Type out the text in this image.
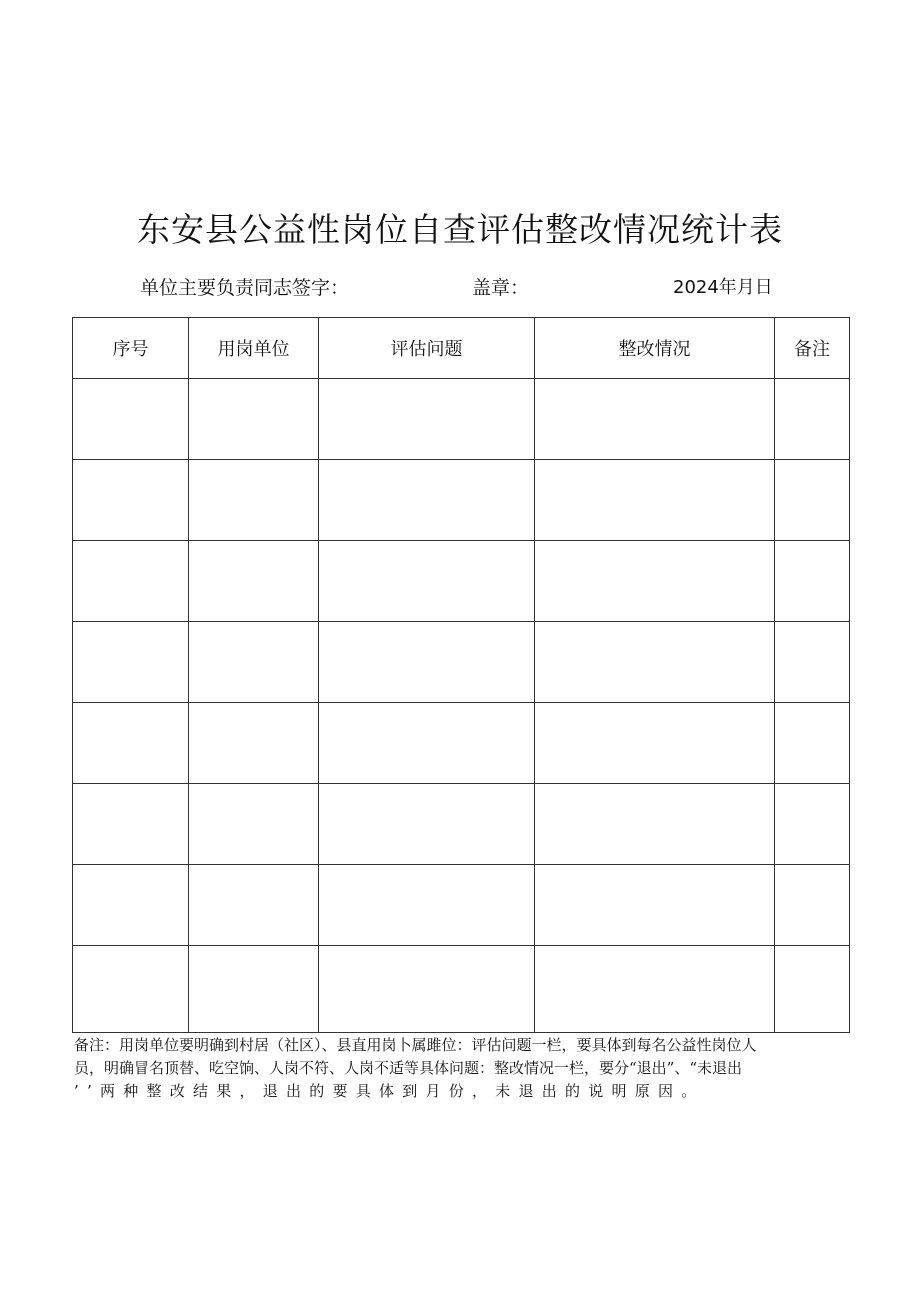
东安县公益性岗位自查评估整改情况统计表
单位主要负责同志签字：	盖章：	2024年月日
序号	用岗单位	评估问题	整改情况	备注

备注：用岗单位要明确到村居（社区）、县直用岗卜属雎位：评估问题一栏，要具体到每名公益性岗位人

员，明确冒名顶替、吃空饷、人岗不符、人岗不适等具体问题：整改情况一栏，要分“退出”、“未退出

’’两种整改结果，退出的要具体到月份，未退出的说明原因。
